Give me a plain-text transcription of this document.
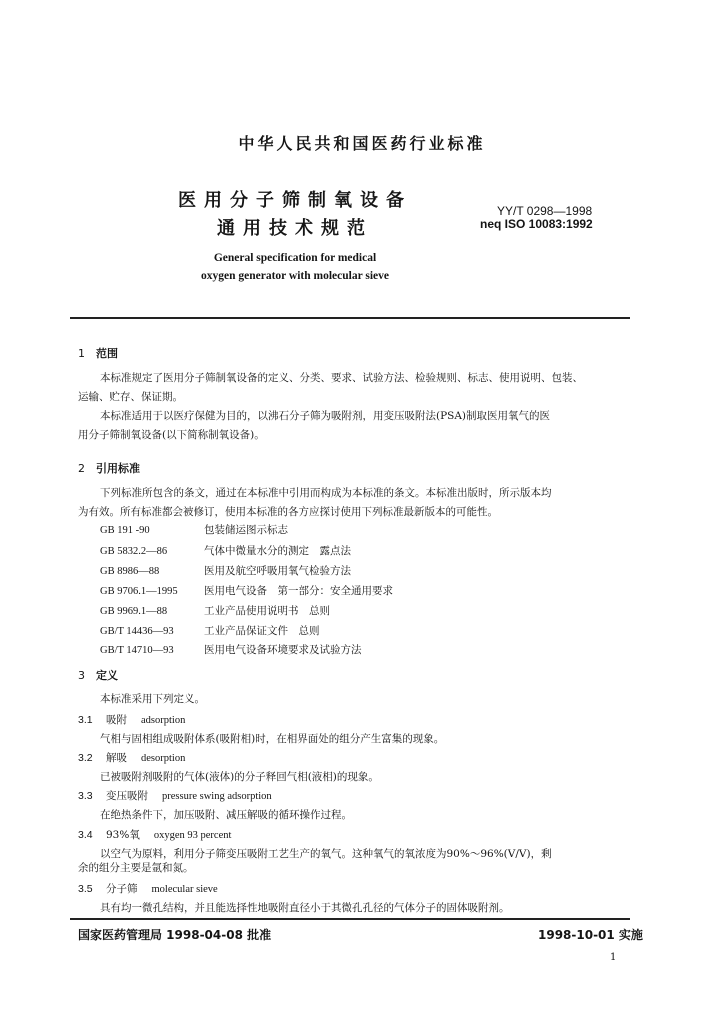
中华人民共和国医药行业标准
医用分子筛制氧设备
通用技术规范
YY/T 0298—1998
neq ISO 10083:1992
General specification for medical
oxygen generator with molecular sieve
1 范围
本标准规定了医用分子筛制氧设备的定义、分类、要求、试验方法、检验规则、标志、使用说明、包装、
运输、贮存、保证期。
本标准适用于以医疗保健为目的，以沸石分子筛为吸附剂，用变压吸附法(PSA)制取医用氧气的医
用分子筛制氧设备(以下简称制氧设备)。
2 引用标准
下列标准所包含的条文，通过在本标准中引用而构成为本标准的条文。本标准出版时，所示版本均
为有效。所有标准都会被修订，使用本标准的各方应探讨使用下列标准最新版本的可能性。
GB 191 -90	包装储运图示标志
GB 5832.2—86	气体中微量水分的测定　露点法
GB 8986—88	医用及航空呼吸用氧气检验方法
GB 9706.1—1995	医用电气设备　第一部分：安全通用要求
GB 9969.1—88	工业产品使用说明书　总则
GB/T 14436—93	工业产品保证文件　总则
GB/T 14710—93	医用电气设备环境要求及试验方法
3 定义
本标准采用下列定义。
3.1 吸附 adsorption
气相与固相组成吸附体系(吸附相)时，在相界面处的组分产生富集的现象。
3.2 解吸 desorption
已被吸附剂吸附的气体(液体)的分子释回气相(液相)的现象。
3.3 变压吸附 pressure swing adsorption
在绝热条件下，加压吸附、减压解吸的循环操作过程。
3.4 93%氧 oxygen 93 percent
以空气为原料，利用分子筛变压吸附工艺生产的氧气。这种氧气的氧浓度为90%～96%(V/V)，剩
余的组分主要是氩和氮。
3.5 分子筛 molecular sieve
具有均一微孔结构，并且能选择性地吸附直径小于其微孔孔径的气体分子的固体吸附剂。
国家医药管理局 1998-04-08 批准	1998-10-01 实施
1
